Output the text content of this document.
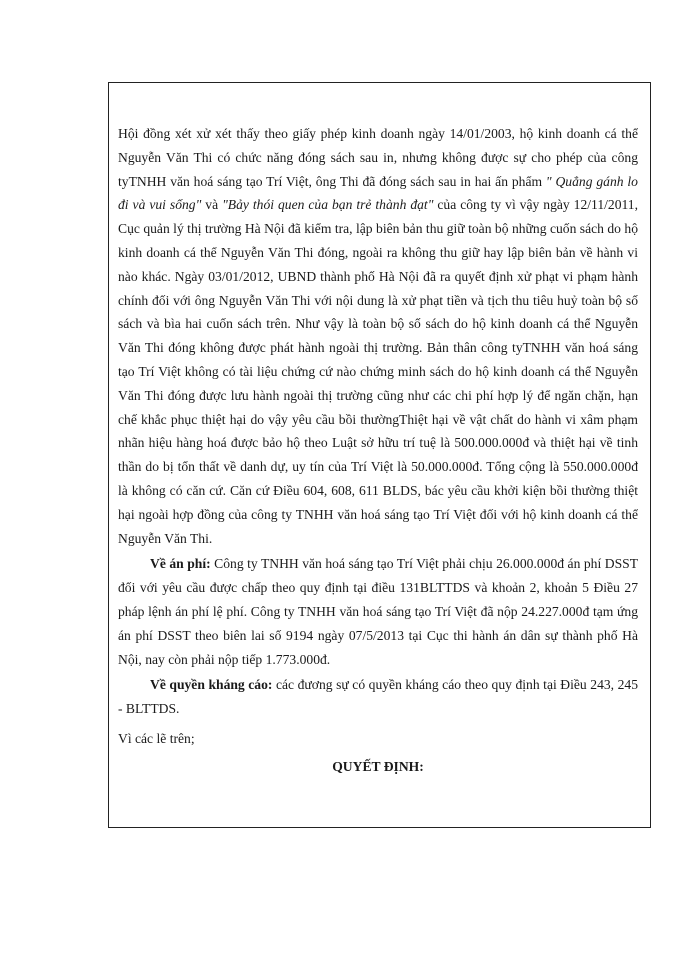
Hội đồng xét xử xét thấy theo giấy phép kinh doanh ngày 14/01/2003, hộ kinh doanh cá thể Nguyễn Văn Thi có chức năng đóng sách sau in, nhưng không được sự cho phép của công tyTNHH văn hoá sáng tạo Trí Việt, ông Thi đã đóng sách sau in hai ấn phẩm " Quẳng gánh lo đi và vui sống" và "Bảy thói quen của bạn trẻ thành đạt" của công ty vì vậy ngày 12/11/2011, Cục quản lý thị trường Hà Nội đã kiểm tra, lập biên bản thu giữ toàn bộ những cuốn sách do hộ kinh doanh cá thể Nguyễn Văn Thi đóng, ngoài ra không thu giữ hay lập biên bản về hành vi nào khác. Ngày 03/01/2012, UBND thành phố Hà Nội đã ra quyết định xử phạt vi phạm hành chính đối với ông Nguyễn Văn Thi với nội dung là xử phạt tiền và tịch thu tiêu huỷ toàn bộ số sách và bìa hai cuốn sách trên. Như vậy là toàn bộ số sách do hộ kinh doanh cá thể Nguyễn Văn Thi đóng không được phát hành ngoài thị trường. Bản thân công tyTNHH văn hoá sáng tạo Trí Việt không có tài liệu chứng cứ nào chứng minh sách do hộ kinh doanh cá thể Nguyễn Văn Thi đóng được lưu hành ngoài thị trường cũng như các chi phí hợp lý để ngăn chặn, hạn chế khắc phục thiệt hại do vậy yêu cầu bồi thườngThiệt hại về vật chất do hành vi xâm phạm nhãn hiệu hàng hoá được bảo hộ theo Luật sở hữu trí tuệ là 500.000.000đ và thiệt hại về tinh thần do bị tổn thất về danh dự, uy tín của Trí Việt là 50.000.000đ. Tổng cộng là 550.000.000đ là không có căn cứ. Căn cứ Điều 604, 608, 611 BLDS, bác yêu cầu khởi kiện bồi thường thiệt hại ngoài hợp đồng của công ty TNHH văn hoá sáng tạo Trí Việt đối với hộ kinh doanh cá thể Nguyễn Văn Thi.

Về án phí: Công ty TNHH văn hoá sáng tạo Trí Việt phải chịu 26.000.000đ án phí DSST đối với yêu cầu được chấp theo quy định tại điều 131BLTTDS và khoản 2, khoản 5 Điều 27 pháp lệnh án phí lệ phí. Công ty TNHH văn hoá sáng tạo Trí Việt đã nộp 24.227.000đ tạm ứng án phí DSST theo biên lai số 9194 ngày 07/5/2013 tại Cục thi hành án dân sự thành phố Hà Nội, nay còn phải nộp tiếp 1.773.000đ.

Về quyền kháng cáo: các đương sự có quyền kháng cáo theo quy định tại Điều 243, 245 - BLTTDS.

Vì các lẽ trên;

QUYẾT ĐỊNH:
